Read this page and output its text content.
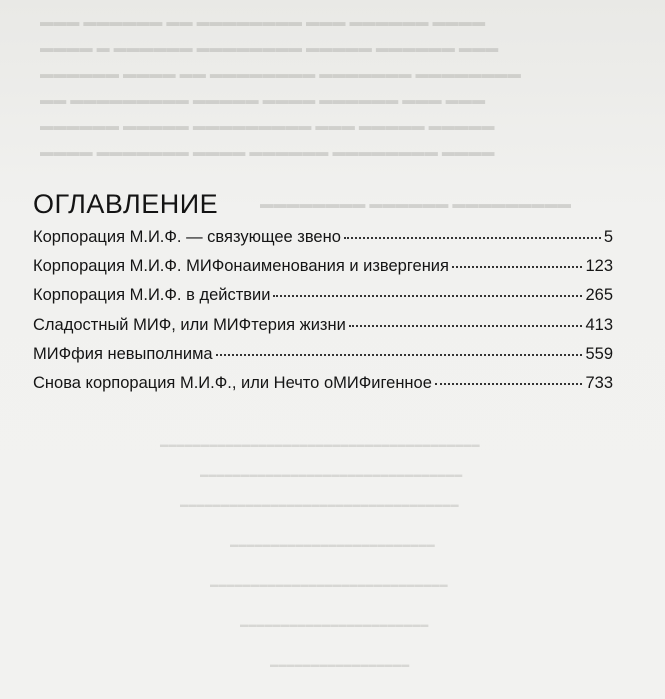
▬▬▬ ▬▬▬▬▬▬ ▬▬ ▬▬▬▬▬▬▬▬ ▬▬▬ ▬▬▬▬▬▬ ▬▬▬▬
▬▬▬▬ ▬ ▬▬▬▬▬▬ ▬▬▬▬▬▬▬▬ ▬▬▬▬▬ ▬▬▬▬▬▬ ▬▬▬
▬▬▬▬▬▬ ▬▬▬▬ ▬▬ ▬▬▬▬▬▬▬▬ ▬▬▬▬▬▬▬ ▬▬▬▬▬▬▬▬
▬▬ ▬▬▬▬▬▬▬▬▬ ▬▬▬▬▬ ▬▬▬▬ ▬▬▬▬▬▬ ▬▬▬ ▬▬▬
▬▬▬▬▬▬ ▬▬▬▬▬ ▬▬▬▬▬▬▬▬▬ ▬▬▬ ▬▬▬▬▬ ▬▬▬▬▬
▬▬▬▬ ▬▬▬▬▬▬▬ ▬▬▬▬ ▬▬▬▬▬▬ ▬▬▬▬▬▬▬▬ ▬▬▬▬
▬▬▬▬▬▬▬▬ ▬▬▬▬▬▬ ▬▬▬▬▬▬▬▬▬
▬▬▬▬▬▬▬▬▬▬▬▬▬▬▬▬▬▬▬▬▬▬▬▬▬▬▬▬▬▬▬▬▬▬▬▬▬▬▬
▬▬▬▬▬▬▬▬▬▬▬▬▬▬▬▬▬▬▬▬▬▬▬▬▬▬▬▬▬▬▬▬
▬▬▬▬▬▬▬▬▬▬▬▬▬▬▬▬▬▬▬▬▬▬▬▬▬▬▬▬▬▬▬▬▬▬
▬▬▬▬▬▬▬▬▬▬▬▬▬▬▬▬▬▬▬▬▬▬▬▬▬
▬▬▬▬▬▬▬▬▬▬▬▬▬▬▬▬▬▬▬▬▬▬▬▬▬▬▬▬▬
▬▬▬▬▬▬▬▬▬▬▬▬▬▬▬▬▬▬▬▬▬▬▬
▬▬▬▬▬▬▬▬▬▬▬▬▬▬▬▬▬
ОГЛАВЛЕНИЕ
Корпорация М.И.Ф. — связующее звено	5
Корпорация М.И.Ф. МИФонаименования и извергения	123
Корпорация М.И.Ф. в действии	265
Сладостный МИФ, или МИФтерия жизни	413
МИФфия невыполнима	559
Снова корпорация М.И.Ф., или Нечто оМИФигенное	733
